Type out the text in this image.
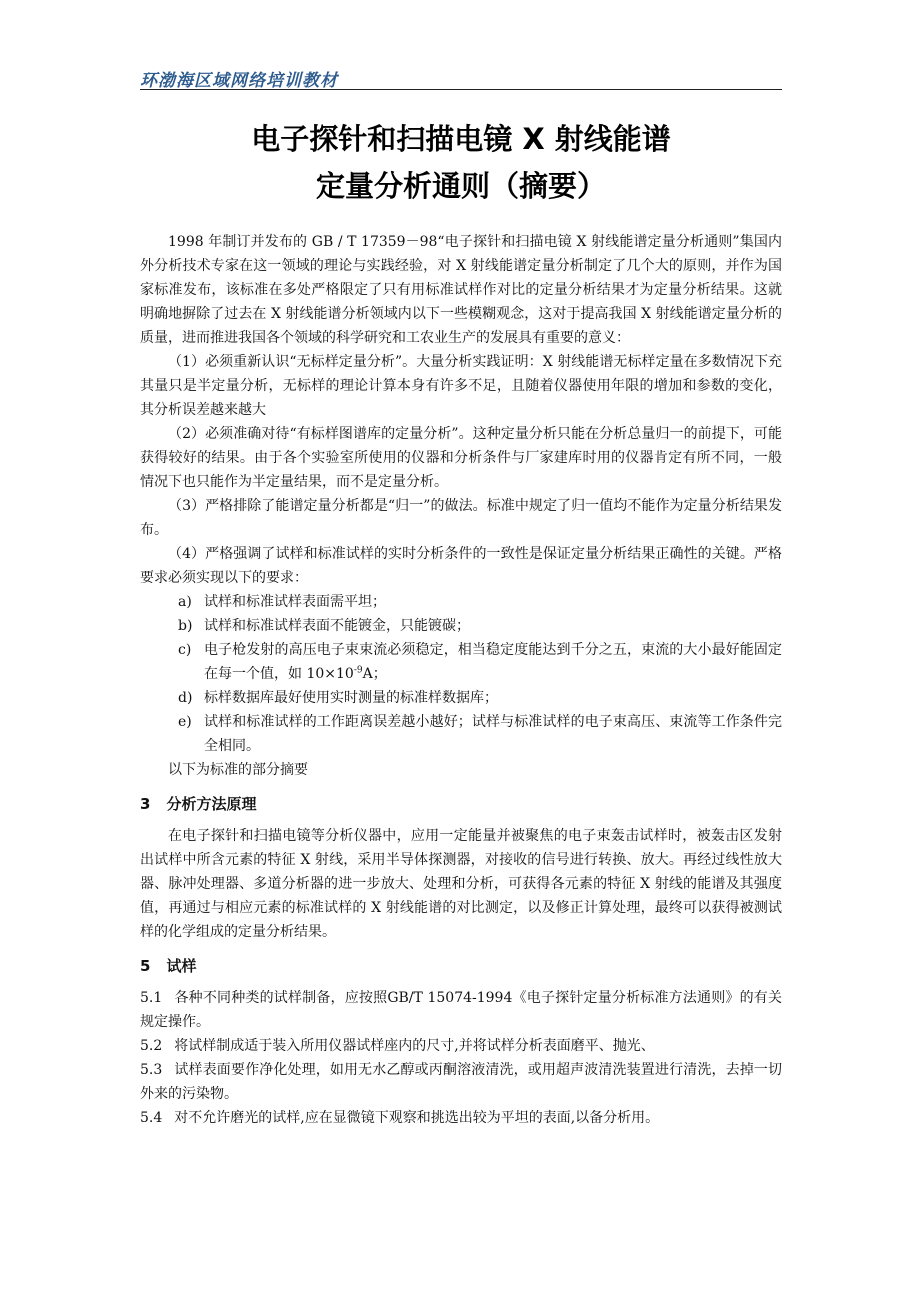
环渤海区域网络培训教材
电子探针和扫描电镜 X 射线能谱
定量分析通则（摘要）

1998 年制订并发布的 GB / T 17359－98“电子探针和扫描电镜 X 射线能谱定量分析通则”集国内外分析技术专家在这一领域的理论与实践经验，对 X 射线能谱定量分析制定了几个大的原则，并作为国家标准发布，该标准在多处严格限定了只有用标准试样作对比的定量分析结果才为定量分析结果。这就明确地摒除了过去在 X 射线能谱分析领域内以下一些模糊观念，这对于提高我国 X 射线能谱定量分析的质量，进而推进我国各个领域的科学研究和工农业生产的发展具有重要的意义：

（1）必须重新认识“无标样定量分析”。大量分析实践证明：X 射线能谱无标样定量在多数情况下充其量只是半定量分析，无标样的理论计算本身有许多不足，且随着仪器使用年限的增加和参数的变化，其分析误差越来越大

（2）必须准确对待“有标样图谱库的定量分析”。这种定量分析只能在分析总量归一的前提下，可能获得较好的结果。由于各个实验室所使用的仪器和分析条件与厂家建库时用的仪器肯定有所不同，一般情况下也只能作为半定量结果，而不是定量分析。

（3）严格排除了能谱定量分析都是“归一”的做法。标准中规定了归一值均不能作为定量分析结果发布。

（4）严格强调了试样和标准试样的实时分析条件的一致性是保证定量分析结果正确性的关键。严格要求必须实现以下的要求：

a) 试样和标准试样表面需平坦；
b) 试样和标准试样表面不能镀金，只能镀碳；
c) 电子枪发射的高压电子束束流必须稳定，相当稳定度能达到千分之五，束流的大小最好能固定在每一个值，如 $10\times 10^{-9}A$；
d) 标样数据库最好使用实时测量的标准样数据库；
e) 试样和标准试样的工作距离误差越小越好；试样与标准试样的电子束高压、束流等工作条件完全相同。

以下为标准的部分摘要

3 分析方法原理

在电子探针和扫描电镜等分析仪器中，应用一定能量并被聚焦的电子束轰击试样时，被轰击区发射出试样中所含元素的特征 X 射线，采用半导体探测器，对接收的信号进行转换、放大。再经过线性放大器、脉冲处理器、多道分析器的进一步放大、处理和分析，可获得各元素的特征 X 射线的能谱及其强度值，再通过与相应元素的标准试样的 X 射线能谱的对比测定，以及修正计算处理，最终可以获得被测试样的化学组成的定量分析结果。

5 试样

5.1 各种不同种类的试样制备，应按照GB/T 15074-1994《电子探针定量分析标准方法通则》的有关规定操作。

5.2 将试样制成适于装入所用仪器试样座内的尺寸,并将试样分析表面磨平、抛光、

5.3 试样表面要作净化处理，如用无水乙醇或丙酮溶液清洗，或用超声波清洗装置进行清洗，去掉一切外来的污染物。

5.4 对不允许磨光的试样,应在显微镜下观察和挑选出较为平坦的表面,以备分析用。
